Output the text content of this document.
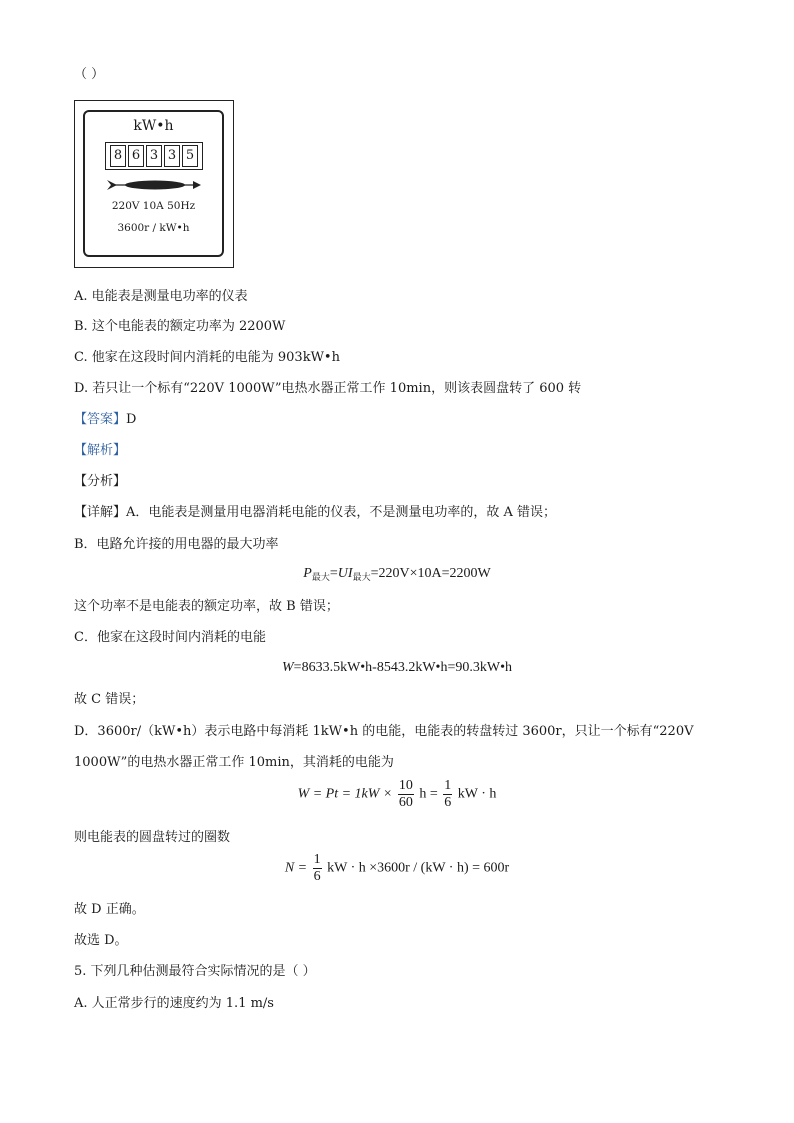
（ ）
kW•h
8 6 3 3 5
220V 10A 50Hz
3600r / kW•h
A. 电能表是测量电功率的仪表
B. 这个电能表的额定功率为 2200W
C. 他家在这段时间内消耗的电能为 903kW•h
D. 若只让一个标有“220V 1000W”电热水器正常工作 10min，则该表圆盘转了 600 转
【答案】D
【解析】
【分析】
【详解】A．电能表是测量用电器消耗电能的仪表，不是测量电功率的，故 A 错误；
B．电路允许接的用电器的最大功率
$P_{最大}=UI_{最大}=220V\times 10A=2200W$
这个功率不是电能表的额定功率，故 B 错误；
C．他家在这段时间内消耗的电能
W=8633.5kW•h-8543.2kW•h=90.3kW•h
故 C 错误；
D．3600r/（kW•h）表示电路中每消耗 1kW•h 的电能，电能表的转盘转过 3600r，只让一个标有“220V
1000W”的电热水器正常工作 10min，其消耗的电能为
$W = Pt = 1kW \times \frac{10}{60}$ $h = \frac{1}{6}$ kW · h
则电能表的圆盘转过的圈数
$N = \frac{1}{6}$ kW · h ×3600r / (kW · h) = 600r
故 D 正确。
故选 D。
5. 下列几种估测最符合实际情况的是（ ）
A. 人正常步行的速度约为 1.1 m/s
